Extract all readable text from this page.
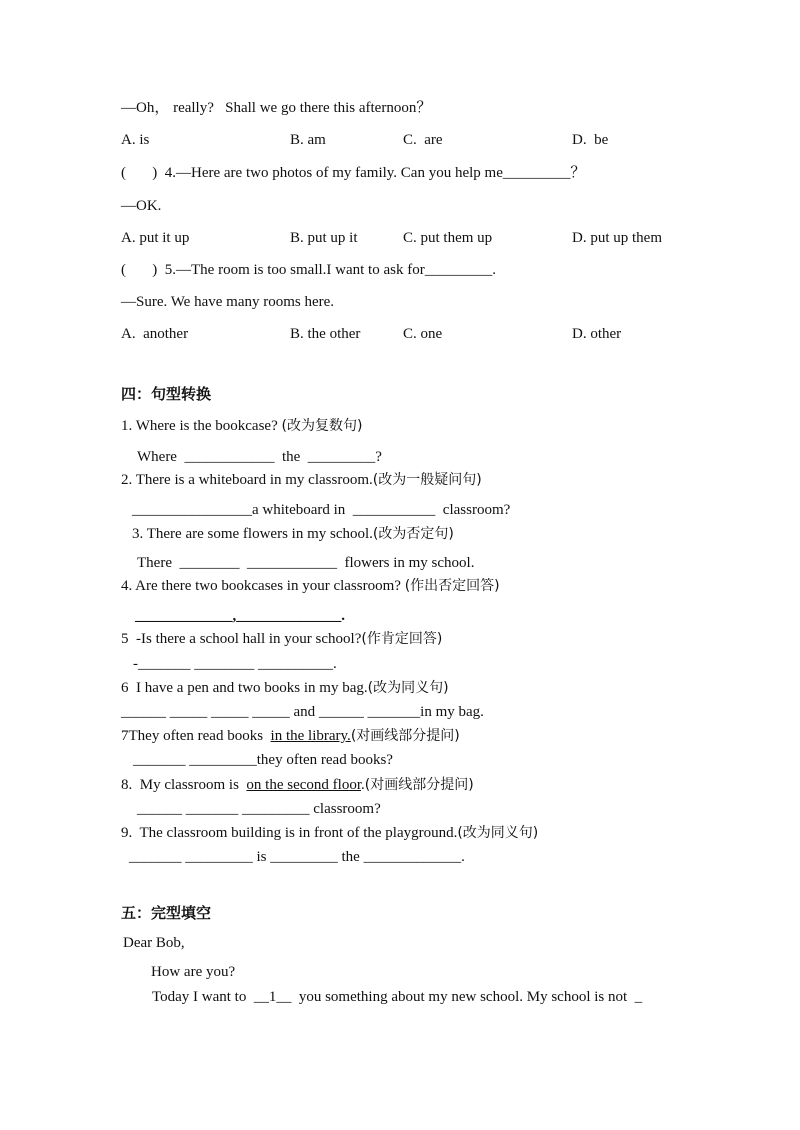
—Oh， really?   Shall we go there this afternoon？
A. is	B. am	C.  are	D.  be
(       ) 4.—Here are two photos of my family. Can you help me_________？
—OK.
A. put it up	B. put up it	C. put them up	D. put up them
(       ) 5.—The room is too small.I want to ask for_________.
—Sure. We have many rooms here.
A.  another	B. the other	C. one	D. other
四：句型转换
1. Where is the bookcase? (改为复数句)
Where  ____________  the  _________?
2. There is a whiteboard in my classroom.(改为一般疑问句)
________________a whiteboard in  ___________  classroom?
3. There are some flowers in my school.(改为否定句)
There  ________  ____________  flowers in my school.
4. Are there two bookcases in your classroom? (作出否定回答)
_____________,______________.
5  -Is there a school hall in your school?(作肯定回答)
-_______ ________ __________.
6  I have a pen and two books in my bag.(改为同义句)
______ _____ _____ _____ and ______ _______in my bag.
7They often read books  in the library.(对画线部分提问)
_______ _________they often read books?
8.  My classroom is  on the second floor.(对画线部分提问)
______ _______ _________ classroom?
9.  The classroom building is in front of the playground.(改为同义句)
_______ _________ is _________ the _____________.
五：完型填空
Dear Bob,
How are you?
Today I want to  __1__  you something about my new school. My school is not  _
